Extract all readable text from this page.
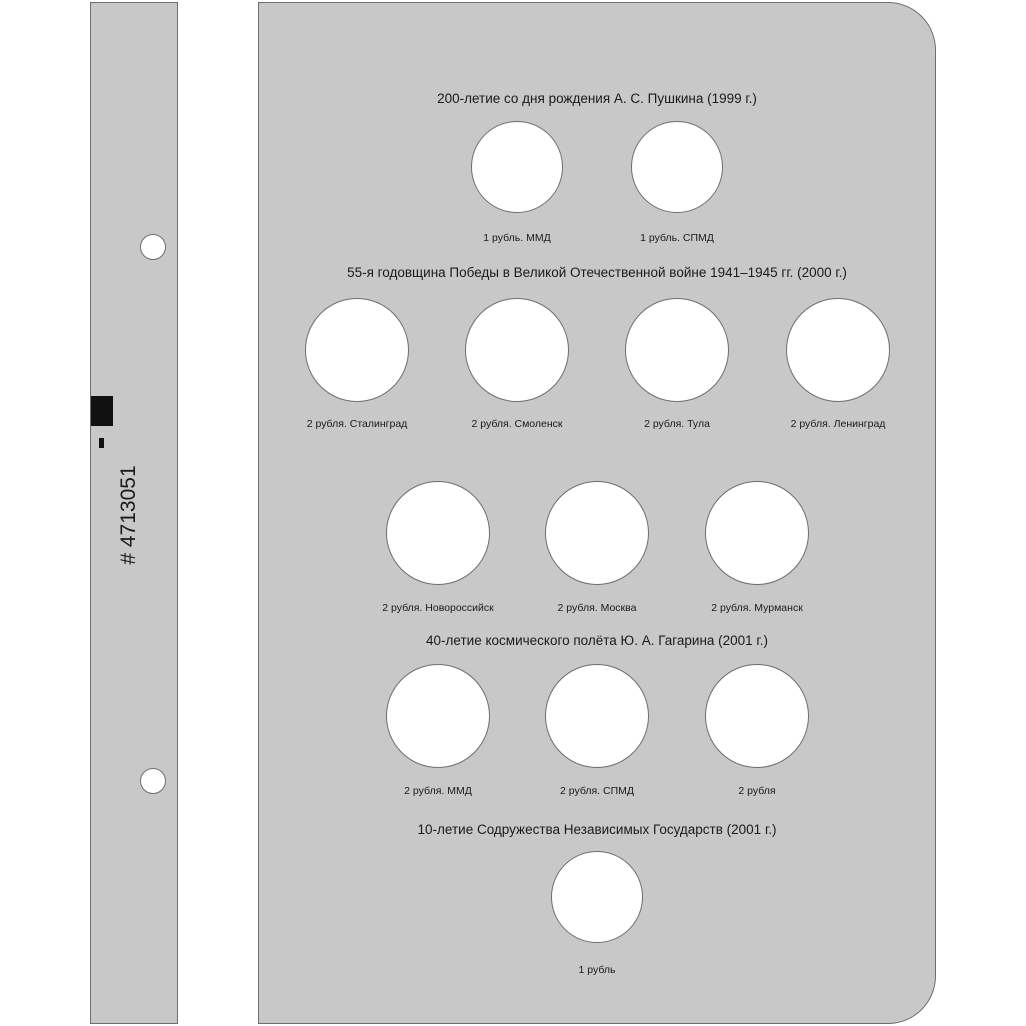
# 4713051
200-летие со дня рождения А. С. Пушкина (1999 г.)
1 рубль. ММД	1 рубль. СПМД
55-я годовщина Победы в Великой Отечественной войне 1941–1945 гг. (2000 г.)
2 рубля. Сталинград	2 рубля. Смоленск	2 рубля. Тула	2 рубля. Ленинград
2 рубля. Новороссийск	2 рубля. Москва	2 рубля. Мурманск
40-летие космического полёта Ю. А. Гагарина (2001 г.)
2 рубля. ММД	2 рубля. СПМД	2 рубля
10-летие Содружества Независимых Государств (2001 г.)
1 рубль
